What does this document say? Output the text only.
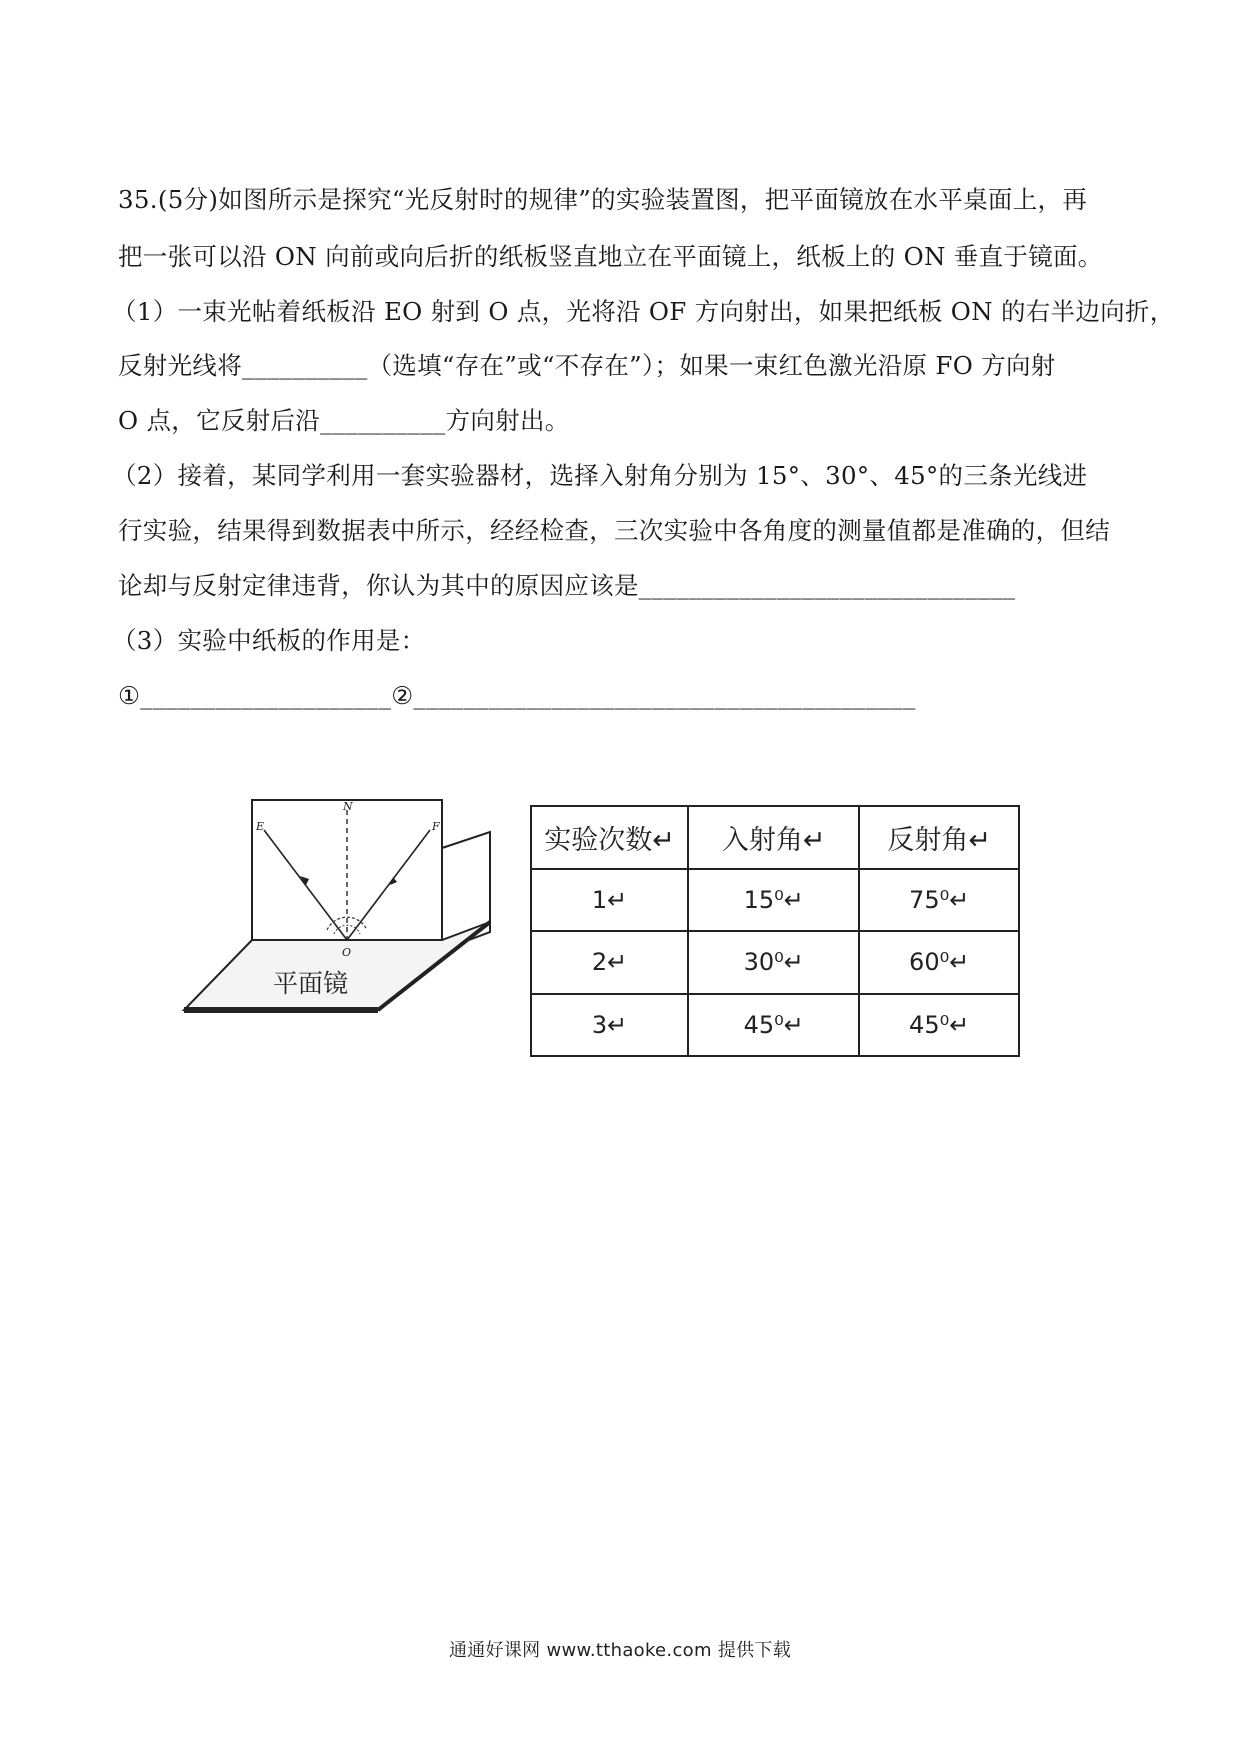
35.(5分)如图所示是探究“光反射时的规律”的实验装置图，把平面镜放在水平桌面上，再
把一张可以沿 ON 向前或向后折的纸板竖直地立在平面镜上，纸板上的 ON 垂直于镜面。
（1）一束光帖着纸板沿 EO 射到 O 点，光将沿 OF 方向射出，如果把纸板 ON 的右半边向折，
反射光线将__________（选填“存在”或“不存在”）；如果一束红色激光沿原 FO 方向射
O 点，它反射后沿__________方向射出。
（2）接着，某同学利用一套实验器材，选择入射角分别为 15°、30°、45°的三条光线进
行实验，结果得到数据表中所示，经经检查，三次实验中各角度的测量值都是准确的，但结
论却与反射定律违背，你认为其中的原因应该是______________________________
（3）实验中纸板的作用是：
①____________________②________________________________________
N
E	F
O
平面镜
实验次数↵	入射角↵	反射角↵
1↵	15⁰↵	75⁰↵
2↵	30⁰↵	60⁰↵
3↵	45⁰↵	45⁰↵
通通好课网 www.tthaoke.com 提供下载
